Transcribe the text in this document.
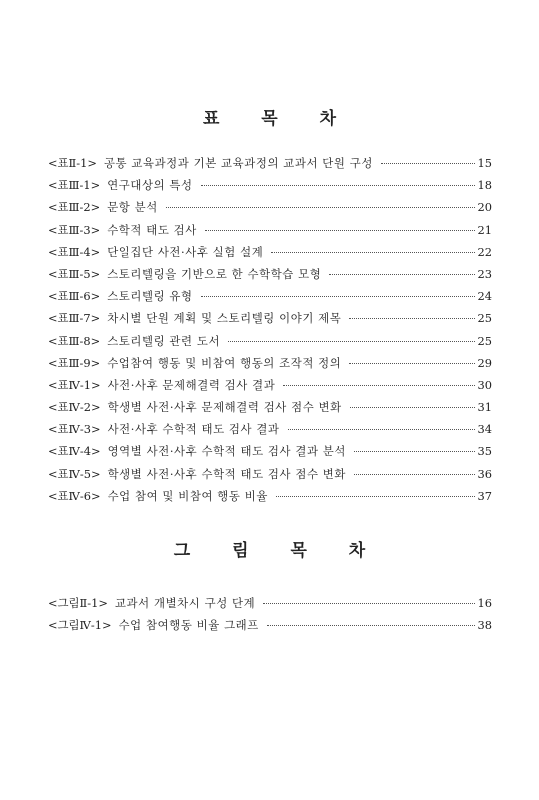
표 목 차
<표Ⅱ-1> 공통 교육과정과 기본 교육과정의 교과서 단원 구성	15
<표Ⅲ-1> 연구대상의 특성	18
<표Ⅲ-2> 문항 분석	20
<표Ⅲ-3> 수학적 태도 검사	21
<표Ⅲ-4> 단일집단 사전·사후 실험 설계	22
<표Ⅲ-5> 스토리텔링을 기반으로 한 수학학습 모형	23
<표Ⅲ-6> 스토리텔링 유형	24
<표Ⅲ-7> 차시별 단원 계획 및 스토리텔링 이야기 제목	25
<표Ⅲ-8> 스토리텔링 관련 도서	25
<표Ⅲ-9> 수업참여 행동 및 비참여 행동의 조작적 정의	29
<표Ⅳ-1> 사전·사후 문제해결력 검사 결과	30
<표Ⅳ-2> 학생별 사전·사후 문제해결력 검사 점수 변화	31
<표Ⅳ-3> 사전·사후 수학적 태도 검사 결과	34
<표Ⅳ-4> 영역별 사전·사후 수학적 태도 검사 결과 분석	35
<표Ⅳ-5> 학생별 사전·사후 수학적 태도 검사 점수 변화	36
<표Ⅳ-6> 수업 참여 및 비참여 행동 비율	37
그 림 목 차
<그림Ⅱ-1> 교과서 개별차시 구성 단계	16
<그림Ⅳ-1> 수업 참여행동 비율 그래프	38
